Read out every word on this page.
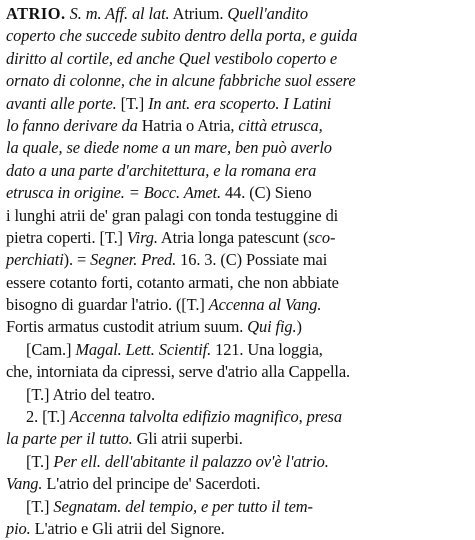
ATRIO. S. m. Aff. al lat. Atrium. Quell'andito
coperto che succede subito dentro della porta, e guida
diritto al cortile, ed anche Quel vestibolo coperto e
ornato di colonne, che in alcune fabbriche suol essere
avanti alle porte. [T.] In ant. era scoperto. I Latini
lo fanno derivare da Hatria o Atria, città etrusca,
la quale, se diede nome a un mare, ben può averlo
dato a una parte d'architettura, e la romana era
etrusca in origine. = Bocc. Amet. 44. (C) Sieno
i lunghi atrii de' gran palagi con tonda testuggine di
pietra coperti. [T.] Virg. Atria longa patescunt (sco-
perchiati). = Segner. Pred. 16. 3. (C) Possiate mai
essere cotanto forti, cotanto armati, che non abbiate
bisogno di guardar l'atrio. ([T.] Accenna al Vang.
Fortis armatus custodit atrium suum. Qui fig.)
[Cam.] Magal. Lett. Scientif. 121. Una loggia,
che, intorniata da cipressi, serve d'atrio alla Cappella.
[T.] Atrio del teatro.
2. [T.] Accenna talvolta edifizio magnifico, presa
la parte per il tutto. Gli atrii superbi.
[T.] Per ell. dell'abitante il palazzo ov'è l'atrio.
Vang. L'atrio del principe de' Sacerdoti.
[T.] Segnatam. del tempio, e per tutto il tem-
pio. L'atrio e Gli atrii del Signore.
